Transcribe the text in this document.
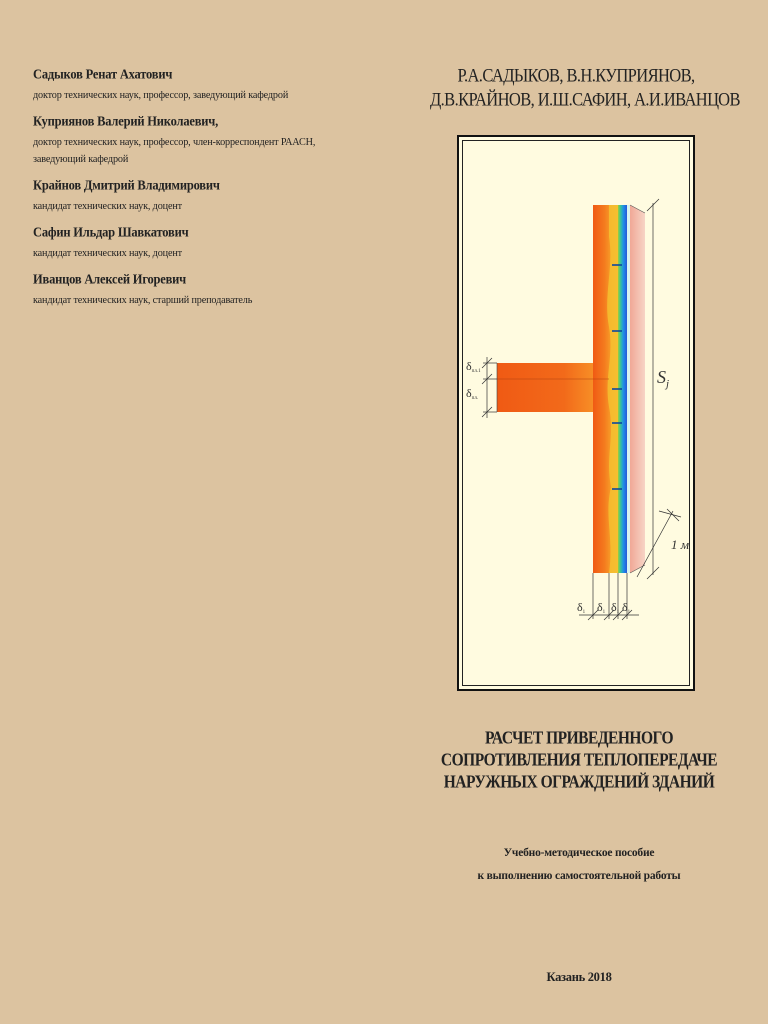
Садыков Ренат Ахатович
доктор технических наук, профессор, заведующий кафедрой
Куприянов Валерий Николаевич,
доктор технических наук, профессор, член-корреспондент РААСН,
заведующий кафедрой
Крайнов Дмитрий Владимирович
кандидат технических наук, доцент
Сафин Ильдар Шавкатович
кандидат технических наук, доцент
Иванцов Алексей Игоревич
кандидат технических наук, старший преподаватель
Р.А.САДЫКОВ, В.Н.КУПРИЯНОВ,
Д.В.КРАЙНОВ, И.Ш.САФИН, А.И.ИВАНЦОВ
$S_j$
1 м
δпл.1
δпл.
δ1 δ1 δ1 δ1
РАСЧЕТ ПРИВЕДЕННОГО
СОПРОТИВЛЕНИЯ ТЕПЛОПЕРЕДАЧЕ
НАРУЖНЫХ ОГРАЖДЕНИЙ ЗДАНИЙ
Учебно-методическое пособие
к выполнению самостоятельной работы
Казань 2018
